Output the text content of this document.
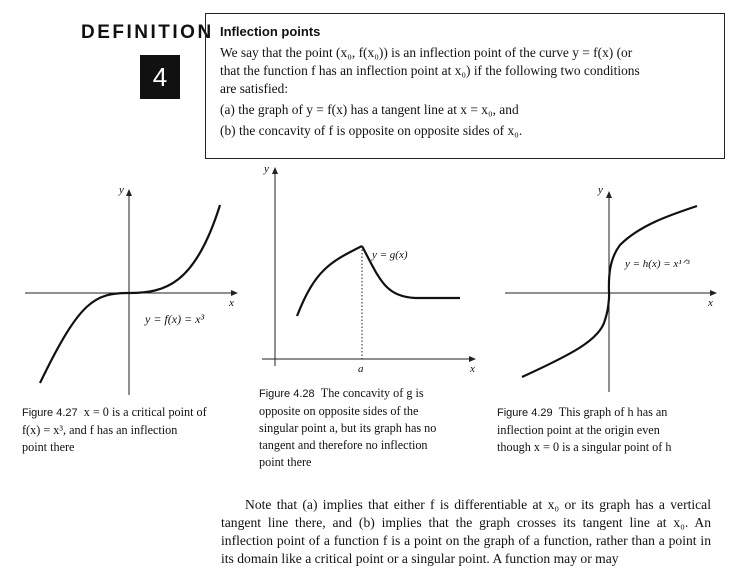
DEFINITION
4
Inflection points

We say that the point (x₀, f(x₀)) is an inflection point of the curve y = f(x) (or

that the function f has an inflection point at x₀) if the following two conditions

are satisfied:

(a) the graph of y = f(x) has a tangent line at x = x₀, and

(b) the concavity of f is opposite on opposite sides of x₀.

x
y
y = f(x) = x³
x
y
a
y = g(x)
x
y
y = h(x) = x¹ᐟ³
Figure 4.27 x = 0 is a critical point of
f(x) = x³, and f has an inflection
point there
Figure 4.28 The concavity of g is
opposite on opposite sides of the
singular point a, but its graph has no
tangent and therefore no inflection
point there
Figure 4.29 This graph of h has an
inflection point at the origin even
though x = 0 is a singular point of h
Note that (a) implies that either f is differentiable at x₀ or its graph has a vertical tangent line there, and (b) implies that the graph crosses its tangent line at x₀. An inflection point of a function f is a point on the graph of a function, rather than a point in its domain like a critical point or a singular point. A function may or may
